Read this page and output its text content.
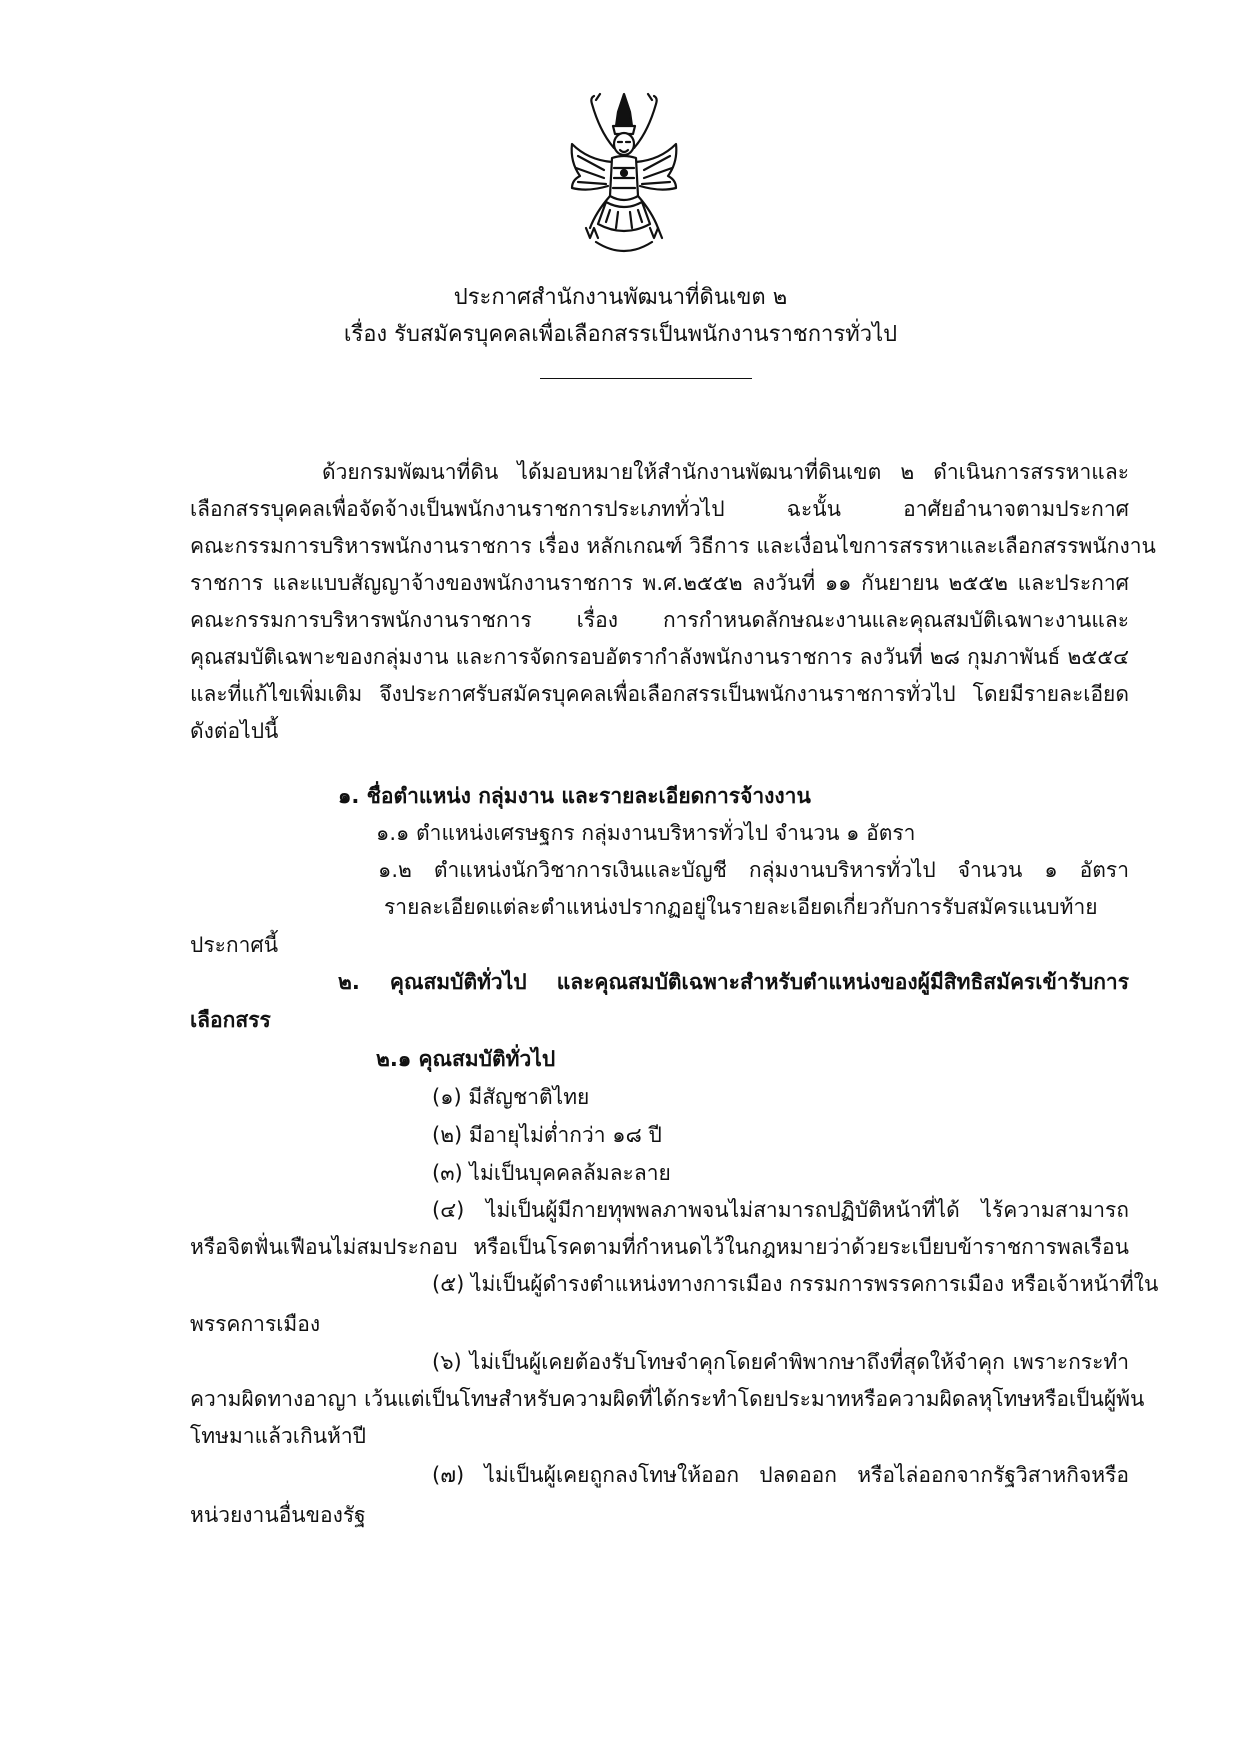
ประกาศสำนักงานพัฒนาที่ดินเขต ๒
เรื่อง รับสมัครบุคคลเพื่อเลือกสรรเป็นพนักงานราชการทั่วไป
ด้วยกรมพัฒนาที่ดิน ได้มอบหมายให้สำนักงานพัฒนาที่ดินเขต ๒ ดำเนินการสรรหาและ
เลือกสรรบุคคลเพื่อจัดจ้างเป็นพนักงานราชการประเภททั่วไป ฉะนั้น อาศัยอำนาจตามประกาศ
คณะกรรมการบริหารพนักงานราชการ เรื่อง หลักเกณฑ์ วิธีการ และเงื่อนไขการสรรหาและเลือกสรรพนักงาน
ราชการ และแบบสัญญาจ้างของพนักงานราชการ พ.ศ.๒๕๕๒ ลงวันที่ ๑๑ กันยายน ๒๕๕๒ และประกาศ
คณะกรรมการบริหารพนักงานราชการ เรื่อง การกำหนดลักษณะงานและคุณสมบัติเฉพาะงานและ
คุณสมบัติเฉพาะของกลุ่มงาน และการจัดกรอบอัตรากำลังพนักงานราชการ ลงวันที่ ๒๘ กุมภาพันธ์ ๒๕๕๔
และที่แก้ไขเพิ่มเติม จึงประกาศรับสมัครบุคคลเพื่อเลือกสรรเป็นพนักงานราชการทั่วไป โดยมีรายละเอียด
ดังต่อไปนี้
๑. ชื่อตำแหน่ง กลุ่มงาน และรายละเอียดการจ้างงาน
๑.๑ ตำแหน่งเศรษฐกร กลุ่มงานบริหารทั่วไป จำนวน ๑ อัตรา
๑.๒ ตำแหน่งนักวิชาการเงินและบัญชี กลุ่มงานบริหารทั่วไป จำนวน ๑ อัตรา
รายละเอียดแต่ละตำแหน่งปรากฏอยู่ในรายละเอียดเกี่ยวกับการรับสมัครแนบท้าย
ประกาศนี้
๒. คุณสมบัติทั่วไป และคุณสมบัติเฉพาะสำหรับตำแหน่งของผู้มีสิทธิสมัครเข้ารับการ
เลือกสรร
๒.๑ คุณสมบัติทั่วไป
(๑) มีสัญชาติไทย
(๒) มีอายุไม่ต่ำกว่า ๑๘ ปี
(๓) ไม่เป็นบุคคลล้มละลาย
(๔) ไม่เป็นผู้มีกายทุพพลภาพจนไม่สามารถปฏิบัติหน้าที่ได้ ไร้ความสามารถ
หรือจิตฟั่นเฟือนไม่สมประกอบ หรือเป็นโรคตามที่กำหนดไว้ในกฎหมายว่าด้วยระเบียบข้าราชการพลเรือน
(๕) ไม่เป็นผู้ดำรงตำแหน่งทางการเมือง กรรมการพรรคการเมือง หรือเจ้าหน้าที่ใน
พรรคการเมือง
(๖) ไม่เป็นผู้เคยต้องรับโทษจำคุกโดยคำพิพากษาถึงที่สุดให้จำคุก เพราะกระทำ
ความผิดทางอาญา เว้นแต่เป็นโทษสำหรับความผิดที่ได้กระทำโดยประมาทหรือความผิดลหุโทษหรือเป็นผู้พ้น
โทษมาแล้วเกินห้าปี
(๗) ไม่เป็นผู้เคยถูกลงโทษให้ออก ปลดออก หรือไล่ออกจากรัฐวิสาหกิจหรือ
หน่วยงานอื่นของรัฐ
